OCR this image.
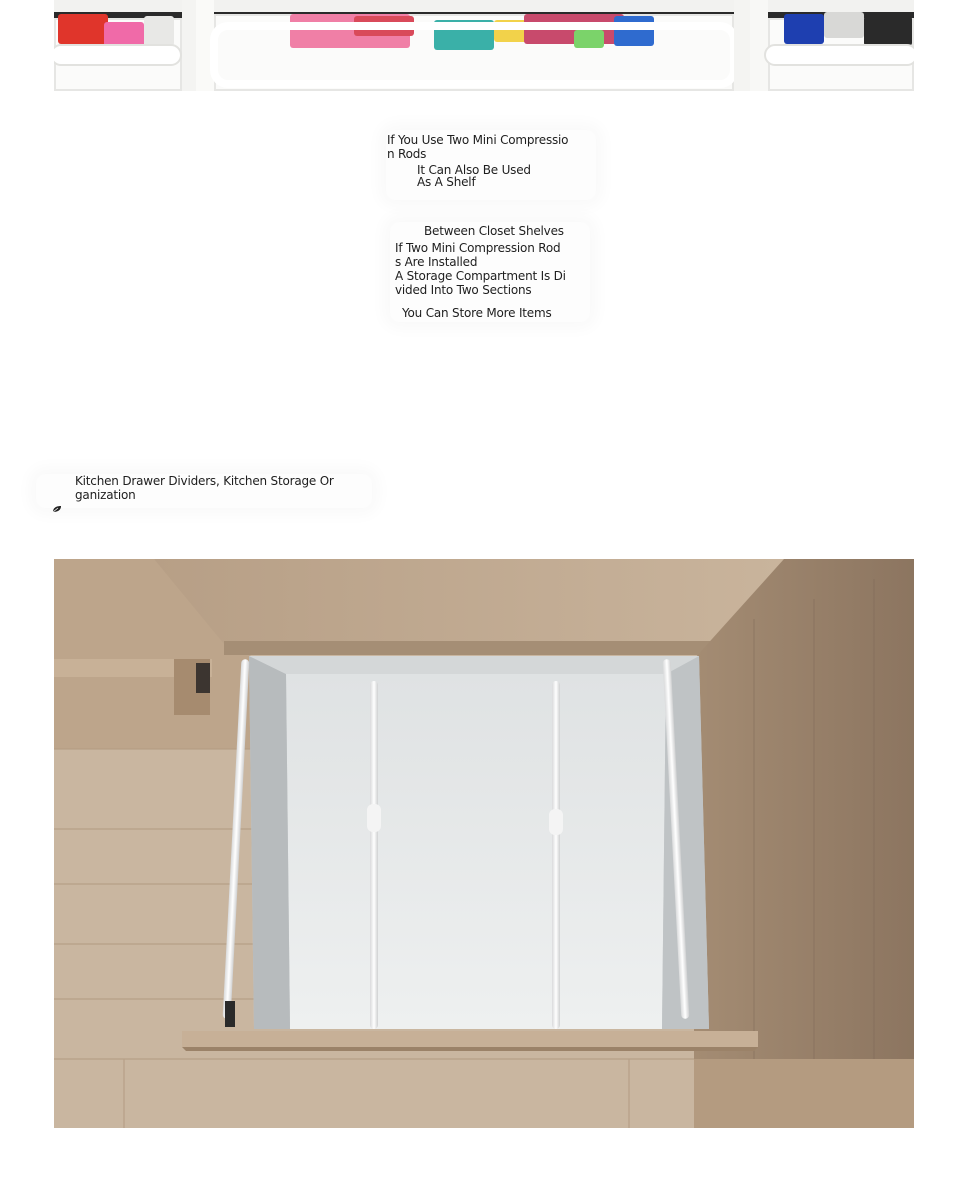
If You Use Two Mini Compression Rods
It Can Also Be Used As A Shelf
Between Closet Shelves
If Two Mini Compression Rods Are Installed
A Storage Compartment Is Divided Into Two Sections
You Can Store More Items
Kitchen Drawer Dividers, Kitchen Storage Organization
